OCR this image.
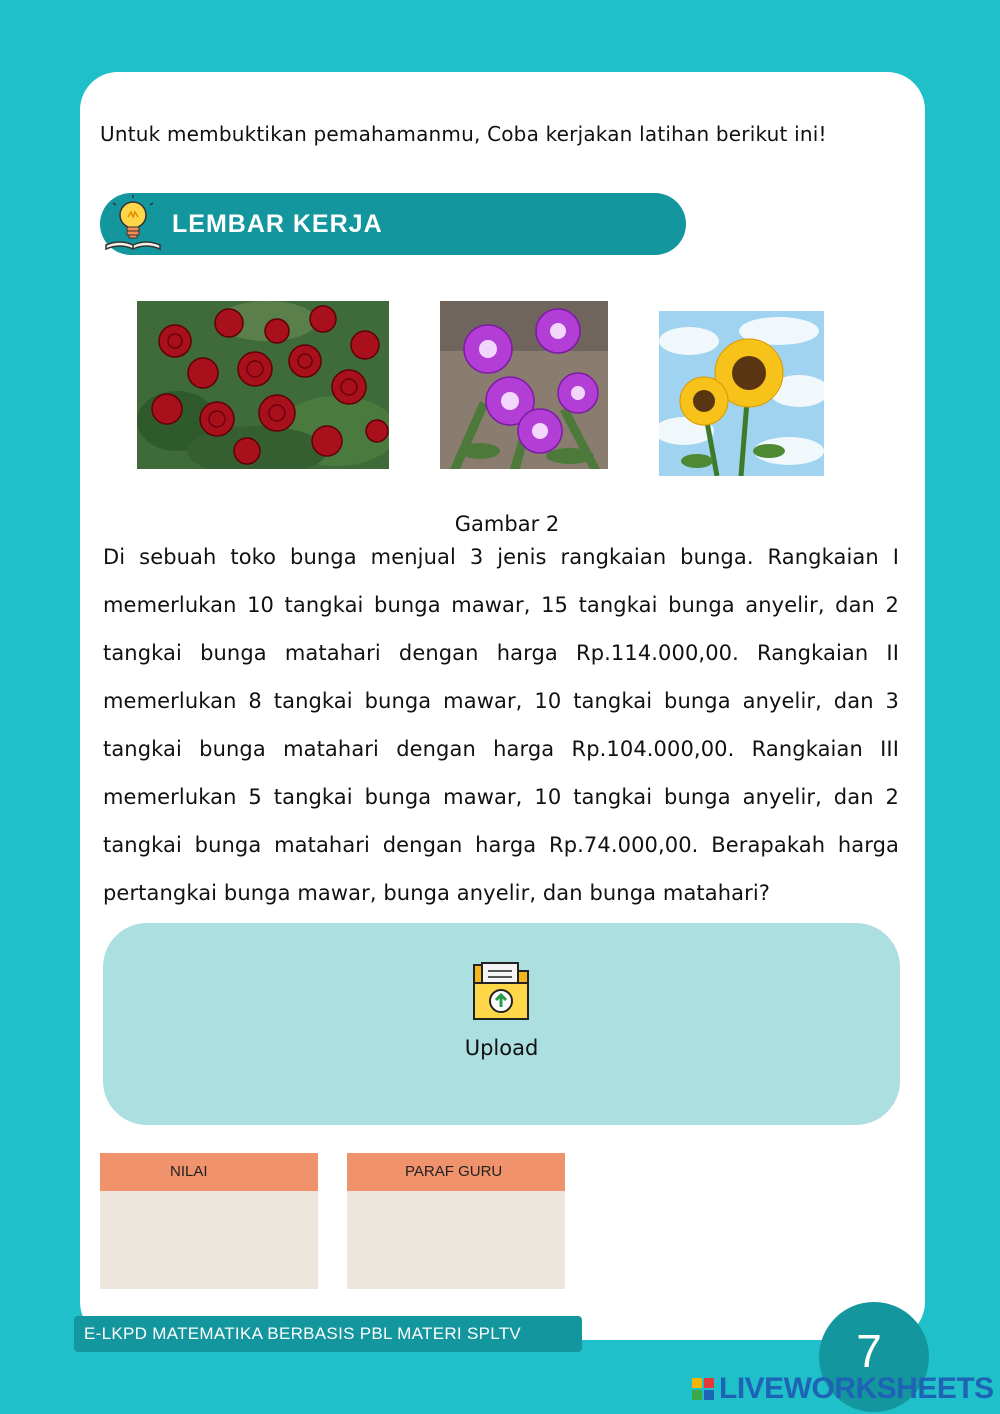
Untuk membuktikan pemahamanmu, Coba kerjakan latihan berikut ini!
LEMBAR KERJA
Gambar 2
Di sebuah toko bunga menjual 3 jenis rangkaian bunga. Rangkaian I memerlukan 10 tangkai bunga mawar, 15 tangkai bunga anyelir, dan 2 tangkai bunga matahari dengan harga Rp.114.000,00. Rangkaian II memerlukan 8 tangkai bunga mawar, 10 tangkai bunga anyelir, dan 3 tangkai bunga matahari dengan harga Rp.104.000,00. Rangkaian III memerlukan 5 tangkai bunga mawar, 10 tangkai bunga anyelir, dan 2 tangkai bunga matahari dengan harga Rp.74.000,00. Berapakah harga pertangkai bunga mawar, bunga anyelir, dan bunga matahari?
Upload
NILAI	PARAF GURU
E-LKPD MATEMATIKA BERBASIS PBL MATERI SPLTV	7
LIVEWORKSHEETS
